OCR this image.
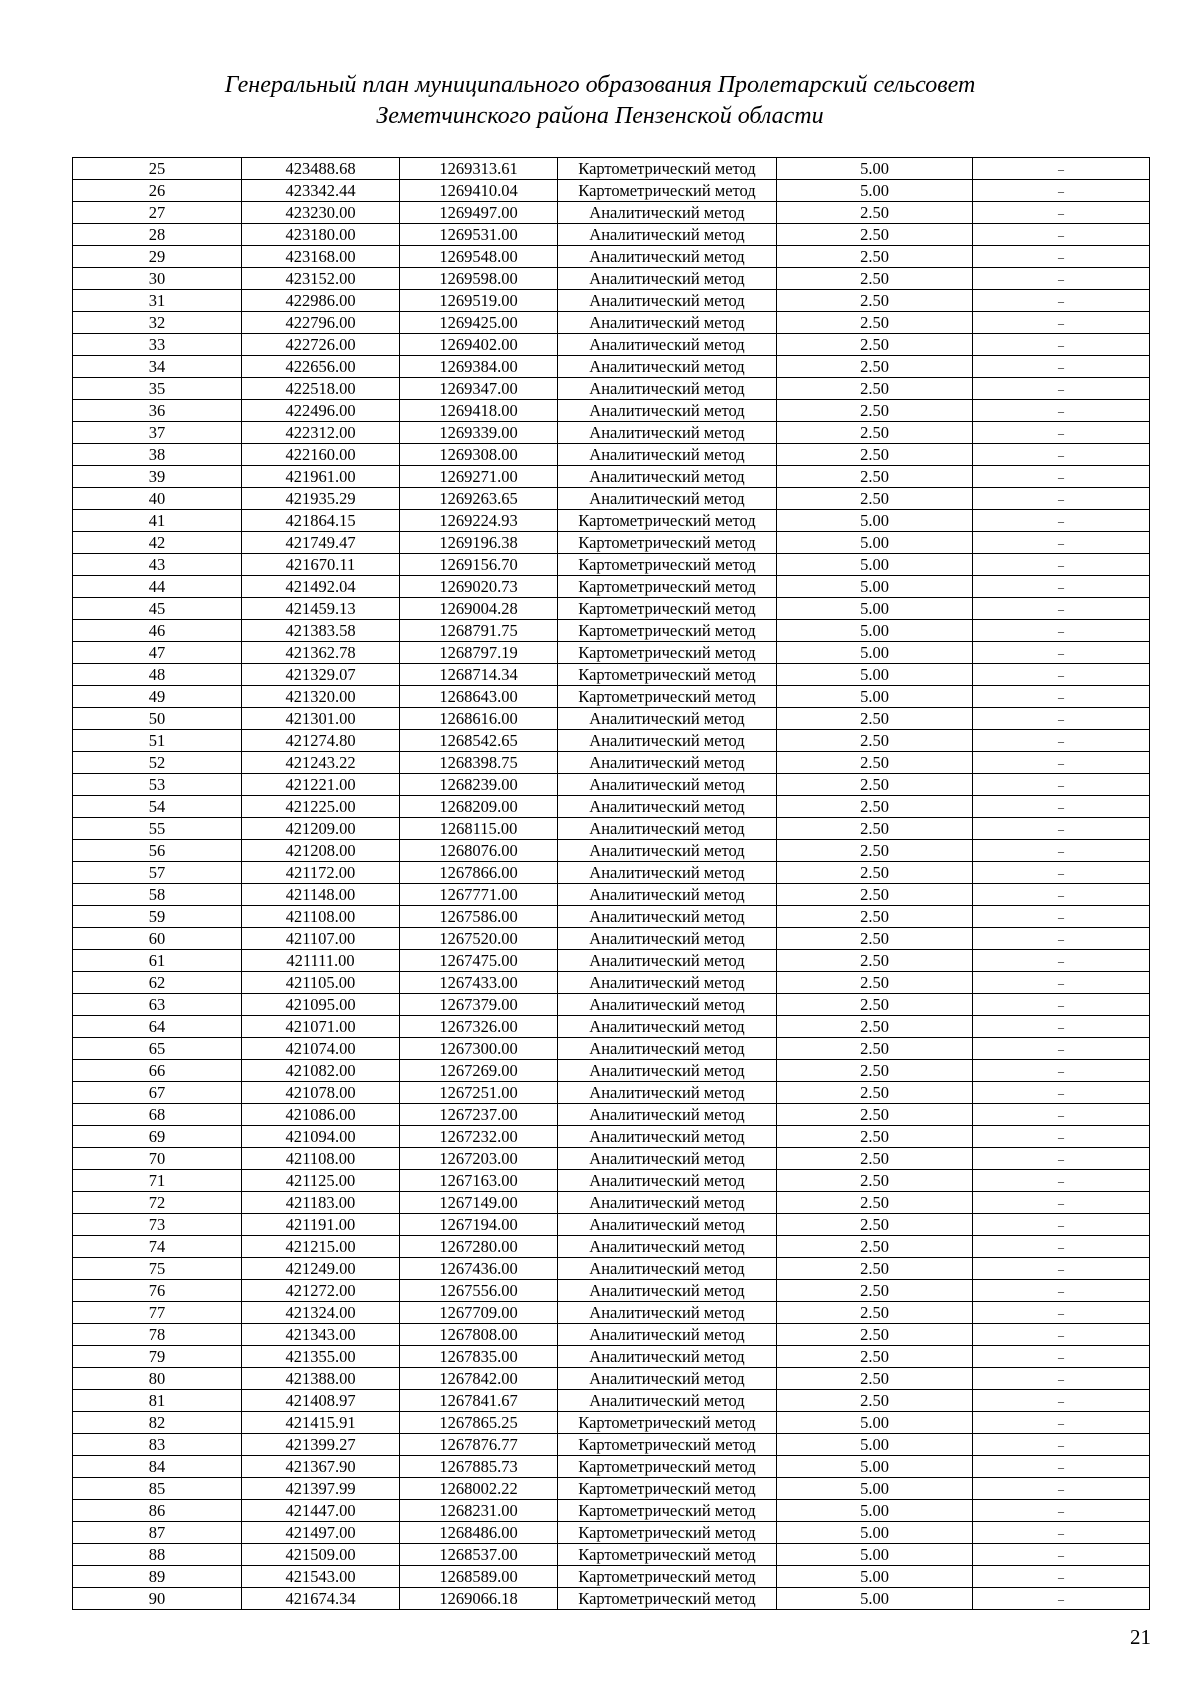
Генеральный план муниципального образования Пролетарский сельсовет
Земетчинского района Пензенской области
25	423488.68	1269313.61	Картометрический метод	5.00	–
26	423342.44	1269410.04	Картометрический метод	5.00	–
27	423230.00	1269497.00	Аналитический метод	2.50	–
28	423180.00	1269531.00	Аналитический метод	2.50	–
29	423168.00	1269548.00	Аналитический метод	2.50	–
30	423152.00	1269598.00	Аналитический метод	2.50	–
31	422986.00	1269519.00	Аналитический метод	2.50	–
32	422796.00	1269425.00	Аналитический метод	2.50	–
33	422726.00	1269402.00	Аналитический метод	2.50	–
34	422656.00	1269384.00	Аналитический метод	2.50	–
35	422518.00	1269347.00	Аналитический метод	2.50	–
36	422496.00	1269418.00	Аналитический метод	2.50	–
37	422312.00	1269339.00	Аналитический метод	2.50	–
38	422160.00	1269308.00	Аналитический метод	2.50	–
39	421961.00	1269271.00	Аналитический метод	2.50	–
40	421935.29	1269263.65	Аналитический метод	2.50	–
41	421864.15	1269224.93	Картометрический метод	5.00	–
42	421749.47	1269196.38	Картометрический метод	5.00	–
43	421670.11	1269156.70	Картометрический метод	5.00	–
44	421492.04	1269020.73	Картометрический метод	5.00	–
45	421459.13	1269004.28	Картометрический метод	5.00	–
46	421383.58	1268791.75	Картометрический метод	5.00	–
47	421362.78	1268797.19	Картометрический метод	5.00	–
48	421329.07	1268714.34	Картометрический метод	5.00	–
49	421320.00	1268643.00	Картометрический метод	5.00	–
50	421301.00	1268616.00	Аналитический метод	2.50	–
51	421274.80	1268542.65	Аналитический метод	2.50	–
52	421243.22	1268398.75	Аналитический метод	2.50	–
53	421221.00	1268239.00	Аналитический метод	2.50	–
54	421225.00	1268209.00	Аналитический метод	2.50	–
55	421209.00	1268115.00	Аналитический метод	2.50	–
56	421208.00	1268076.00	Аналитический метод	2.50	–
57	421172.00	1267866.00	Аналитический метод	2.50	–
58	421148.00	1267771.00	Аналитический метод	2.50	–
59	421108.00	1267586.00	Аналитический метод	2.50	–
60	421107.00	1267520.00	Аналитический метод	2.50	–
61	421111.00	1267475.00	Аналитический метод	2.50	–
62	421105.00	1267433.00	Аналитический метод	2.50	–
63	421095.00	1267379.00	Аналитический метод	2.50	–
64	421071.00	1267326.00	Аналитический метод	2.50	–
65	421074.00	1267300.00	Аналитический метод	2.50	–
66	421082.00	1267269.00	Аналитический метод	2.50	–
67	421078.00	1267251.00	Аналитический метод	2.50	–
68	421086.00	1267237.00	Аналитический метод	2.50	–
69	421094.00	1267232.00	Аналитический метод	2.50	–
70	421108.00	1267203.00	Аналитический метод	2.50	–
71	421125.00	1267163.00	Аналитический метод	2.50	–
72	421183.00	1267149.00	Аналитический метод	2.50	–
73	421191.00	1267194.00	Аналитический метод	2.50	–
74	421215.00	1267280.00	Аналитический метод	2.50	–
75	421249.00	1267436.00	Аналитический метод	2.50	–
76	421272.00	1267556.00	Аналитический метод	2.50	–
77	421324.00	1267709.00	Аналитический метод	2.50	–
78	421343.00	1267808.00	Аналитический метод	2.50	–
79	421355.00	1267835.00	Аналитический метод	2.50	–
80	421388.00	1267842.00	Аналитический метод	2.50	–
81	421408.97	1267841.67	Аналитический метод	2.50	–
82	421415.91	1267865.25	Картометрический метод	5.00	–
83	421399.27	1267876.77	Картометрический метод	5.00	–
84	421367.90	1267885.73	Картометрический метод	5.00	–
85	421397.99	1268002.22	Картометрический метод	5.00	–
86	421447.00	1268231.00	Картометрический метод	5.00	–
87	421497.00	1268486.00	Картометрический метод	5.00	–
88	421509.00	1268537.00	Картометрический метод	5.00	–
89	421543.00	1268589.00	Картометрический метод	5.00	–
90	421674.34	1269066.18	Картометрический метод	5.00	–
21
